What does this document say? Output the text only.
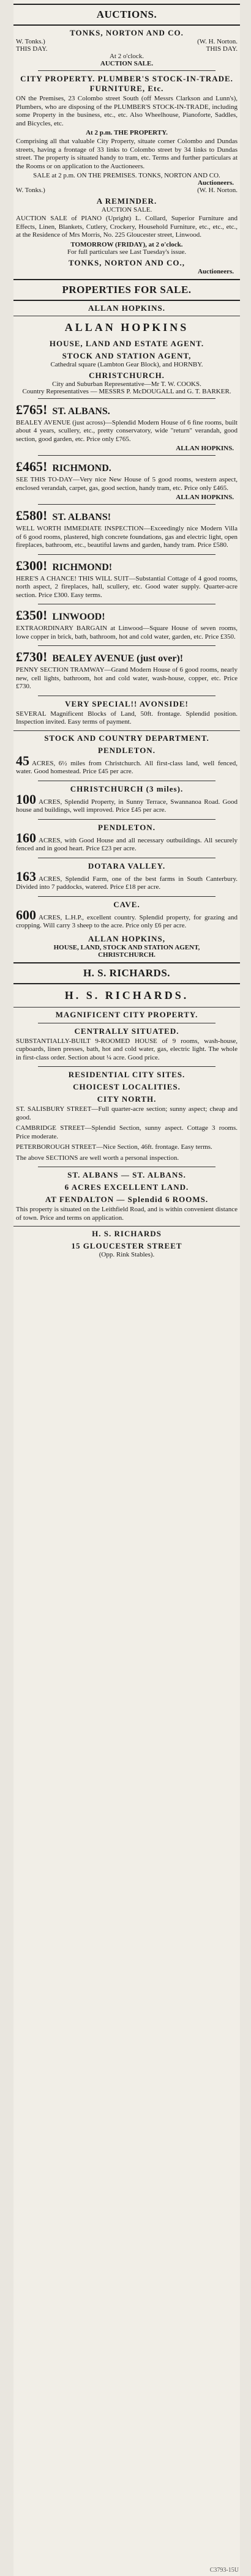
AUCTIONS.
TONKS, NORTON AND CO.
W. Tonks.)	(W. H. Norton.
THIS DAY.	THIS DAY.
At 2 o'clock.
AUCTION SALE.
CITY PROPERTY. PLUMBER'S STOCK-IN-TRADE. FURNITURE, Etc.
ON the Premises, 23 Colombo street South (off Messrs Clarkson and Lunn's), Plumbers, who are disposing of the PLUMBER'S STOCK-IN-TRADE, including some Property in the business, etc., etc. Also Wheelhouse, Pianoforte, Saddles, and Bicycles, etc.
At 2 p.m. THE PROPERTY.
Comprising all that valuable City Property, situate corner Colombo and Dundas streets, having a frontage of 33 links to Colombo street by 34 links to Dundas street. The property is situated handy to tram, etc. Terms and further particulars at the Rooms or on application to the Auctioneers.
SALE at 2 p.m. ON THE PREMISES. TONKS, NORTON AND CO.
Auctioneers.
W. Tonks.)	(W. H. Norton.
A REMINDER.
AUCTION SALE.
AUCTION SALE of PIANO (Upright) L. Collard, Superior Furniture and Effects, Linen, Blankets, Cutlery, Crockery, Household Furniture, etc., etc., etc., at the Residence of Mrs Morris, No. 225 Gloucester street, Linwood.
TOMORROW (FRIDAY), at 2 o'clock.
For full particulars see Last Tuesday's issue.
TONKS, NORTON AND CO.,
Auctioneers.
PROPERTIES FOR SALE.
ALLAN HOPKINS.
ALLAN HOPKINS
HOUSE, LAND AND ESTATE AGENT.
STOCK AND STATION AGENT,
Cathedral square (Lambton Gear Block), and HORNBY.
CHRISTCHURCH.
City and Suburban Representative—Mr T. W. COOKS.
Country Representatives — MESSRS P. McDOUGALL and G. T. BARKER.
£765! ST. ALBANS.
BEALEY AVENUE (just across)—Splendid Modern House of 6 fine rooms, built about 4 years, scullery, etc., pretty conservatory, wide "return" verandah, good section, good garden, etc. Price only £765.
ALLAN HOPKINS.
£465! RICHMOND.
SEE THIS TO-DAY—Very nice New House of 5 good rooms, western aspect, enclosed verandah, carpet, gas, good section, handy tram, etc. Price only £465.
ALLAN HOPKINS.
£580! ST. ALBANS!
WELL WORTH IMMEDIATE INSPECTION—Exceedingly nice Modern Villa of 6 good rooms, plastered, high concrete foundations, gas and electric light, open fireplaces, bathroom, etc., beautiful lawns and garden, handy tram. Price £580.
£300! RICHMOND!
HERE'S A CHANCE! THIS WILL SUIT—Substantial Cottage of 4 good rooms, north aspect, 2 fireplaces, hall, scullery, etc. Good water supply. Quarter-acre section. Price £300. Easy terms.
£350! LINWOOD!
EXTRAORDINARY BARGAIN at Linwood—Square House of seven rooms, lowe copper in brick, bath, bathroom, hot and cold water, garden, etc. Price £350.
£730! BEALEY AVENUE (just over)!
PENNY SECTION TRAMWAY—Grand Modern House of 6 good rooms, nearly new, cell lights, bathroom, hot and cold water, wash-house, copper, etc. Price £730.
VERY SPECIAL!! AVONSIDE!
SEVERAL Magnificent Blocks of Land, 50ft. frontage. Splendid position. Inspection invited. Easy terms of payment.
STOCK AND COUNTRY DEPARTMENT.
PENDLETON.
45 ACRES, 6½ miles from Christchurch. All first-class land, well fenced, water. Good homestead. Price £45 per acre.
CHRISTCHURCH (3 miles).
100 ACRES, Splendid Property, in Sunny Terrace, Swannanoa Road. Good house and buildings, well improved. Price £45 per acre.
PENDLETON.
160 ACRES, with Good House and all necessary outbuildings. All securely fenced and in good heart. Price £23 per acre.
DOTARA VALLEY.
163 ACRES, Splendid Farm, one of the best farms in South Canterbury. Divided into 7 paddocks, watered. Price £18 per acre.
CAVE.
600 ACRES, L.H.P., excellent country. Splendid property, for grazing and cropping. Will carry 3 sheep to the acre. Price only £6 per acre.
ALLAN HOPKINS,
HOUSE, LAND, STOCK AND STATION AGENT,
CHRISTCHURCH.
H. S. RICHARDS.
H. S. RICHARDS.
MAGNIFICENT CITY PROPERTY.
CENTRALLY SITUATED.
SUBSTANTIALLY-BUILT 9-ROOMED HOUSE of 9 rooms, wash-house, cupboards, linen presses, bath, hot and cold water, gas, electric light. The whole in first-class order. Section about ¼ acre. Good price.
RESIDENTIAL CITY SITES.
CHOICEST LOCALITIES.
CITY NORTH.
ST. SALISBURY STREET—Full quarter-acre section; sunny aspect; cheap and good.
CAMBRIDGE STREET—Splendid Section, sunny aspect. Cottage 3 rooms. Price moderate.
PETERBOROUGH STREET—Nice Section, 46ft. frontage. Easy terms.
The above SECTIONS are well worth a personal inspection.
ST. ALBANS — ST. ALBANS.
6 ACRES EXCELLENT LAND.
AT FENDALTON — Splendid 6 ROOMS.
This property is situated on the Leithfield Road, and is within convenient distance of town. Price and terms on application.
H. S. RICHARDS
15 GLOUCESTER STREET
(Opp. Rink Stables).
C3793-15U
